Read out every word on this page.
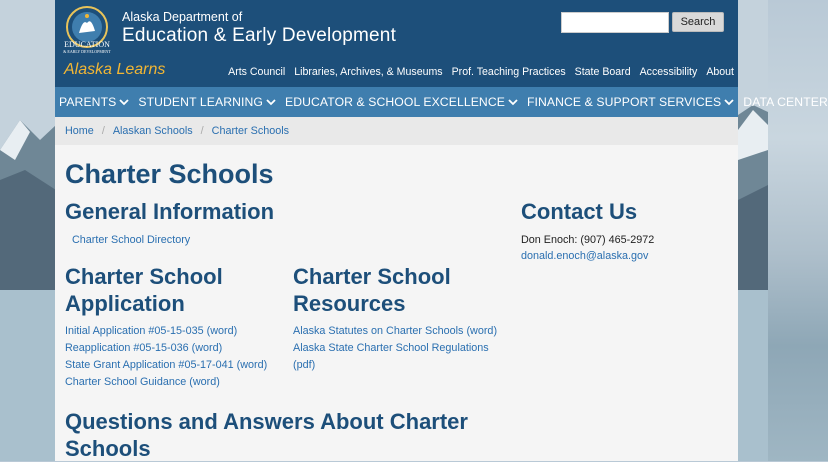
EDUCATION
& EARLY DEVELOPMENT
Alaska Department of
Education & Early Development
Search
Alaska Learns	Arts Council Libraries, Archives, & Museums Prof. Teaching Practices State Board Accessibility About
PARENTS STUDENT LEARNING EDUCATOR & SCHOOL EXCELLENCE FINANCE & SUPPORT SERVICES DATA CENTER
Home / Alaskan Schools / Charter Schools
Charter Schools
General Information
Charter School Directory
Charter School
Application
Initial Application #05-15-035 (word)
Reapplication #05-15-036 (word)
State Grant Application #05-17-041 (word)
Charter School Guidance (word)
Charter School
Resources
Alaska Statutes on Charter Schools (word)
Alaska State Charter School Regulations
(pdf)
Contact Us
Don Enoch: (907) 465-2972
donald.enoch@alaska.gov
Questions and Answers About Charter
Schools
